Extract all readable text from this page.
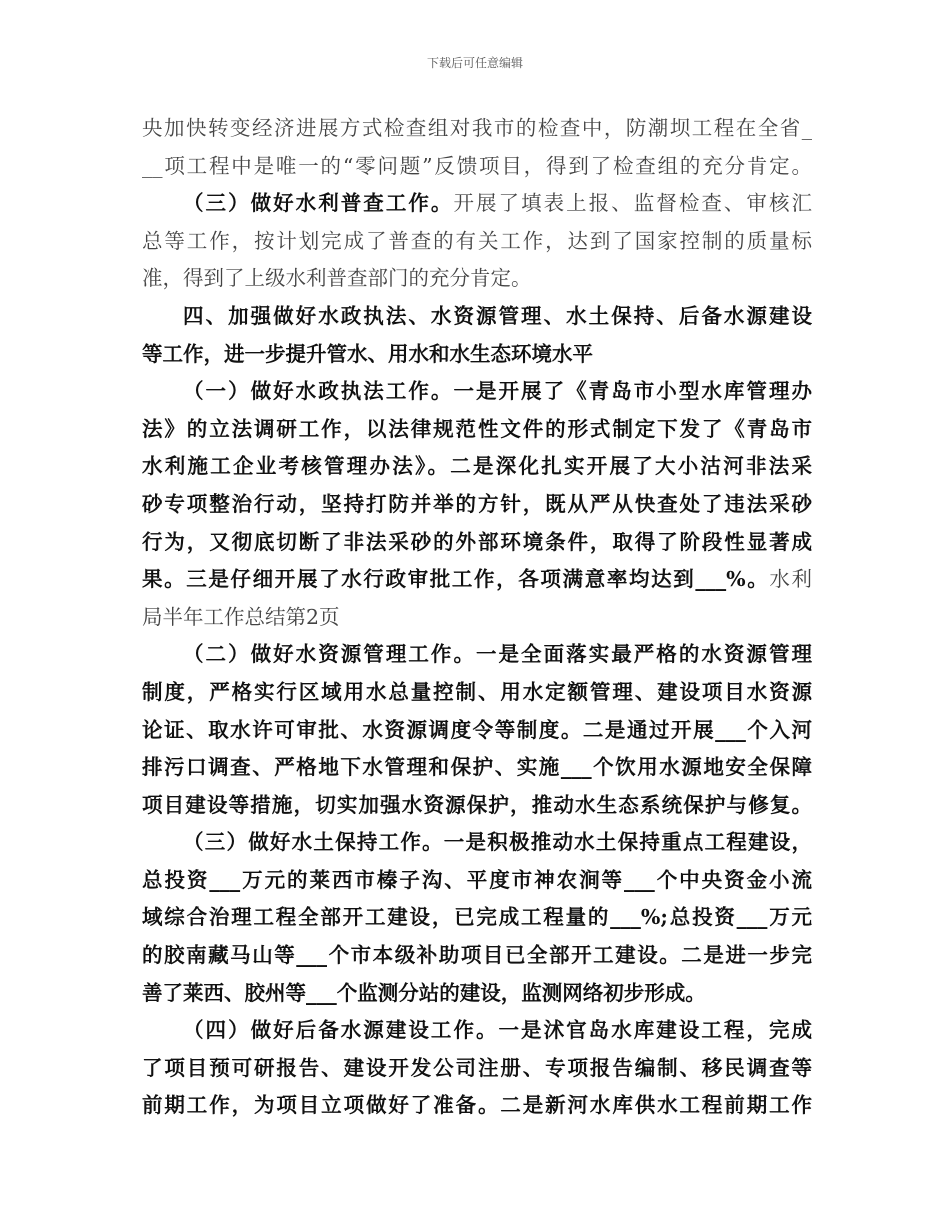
下载后可任意编辑
央加快转变经济进展方式检查组对我市的检查中，防潮坝工程在全省_
__项工程中是唯一的“零问题”反馈项目，得到了检查组的充分肯定。
（三）做好水利普查工作。开展了填表上报、监督检查、审核汇
总等工作，按计划完成了普查的有关工作，达到了国家控制的质量标
准，得到了上级水利普查部门的充分肯定。
四、加强做好水政执法、水资源管理、水土保持、后备水源建设
等工作，进一步提升管水、用水和水生态环境水平
（一）做好水政执法工作。一是开展了《青岛市小型水库管理办
法》的立法调研工作，以法律规范性文件的形式制定下发了《青岛市
水利施工企业考核管理办法》。二是深化扎实开展了大小沽河非法采
砂专项整治行动，坚持打防并举的方针，既从严从快查处了违法采砂
行为，又彻底切断了非法采砂的外部环境条件，取得了阶段性显著成
果。三是仔细开展了水行政审批工作，各项满意率均达到___%。水利
局半年工作总结第2页
（二）做好水资源管理工作。一是全面落实最严格的水资源管理
制度，严格实行区域用水总量控制、用水定额管理、建设项目水资源
论证、取水许可审批、水资源调度令等制度。二是通过开展___个入河
排污口调查、严格地下水管理和保护、实施___个饮用水源地安全保障
项目建设等措施，切实加强水资源保护，推动水生态系统保护与修复。
（三）做好水土保持工作。一是积极推动水土保持重点工程建设，
总投资___万元的莱西市榛子沟、平度市神农涧等___个中央资金小流
域综合治理工程全部开工建设，已完成工程量的___%;总投资___万元
的胶南藏马山等___个市本级补助项目已全部开工建设。二是进一步完
善了莱西、胶州等___个监测分站的建设，监测网络初步形成。
（四）做好后备水源建设工作。一是沭官岛水库建设工程，完成
了项目预可研报告、建设开发公司注册、专项报告编制、移民调查等
前期工作，为项目立项做好了准备。二是新河水库供水工程前期工作
